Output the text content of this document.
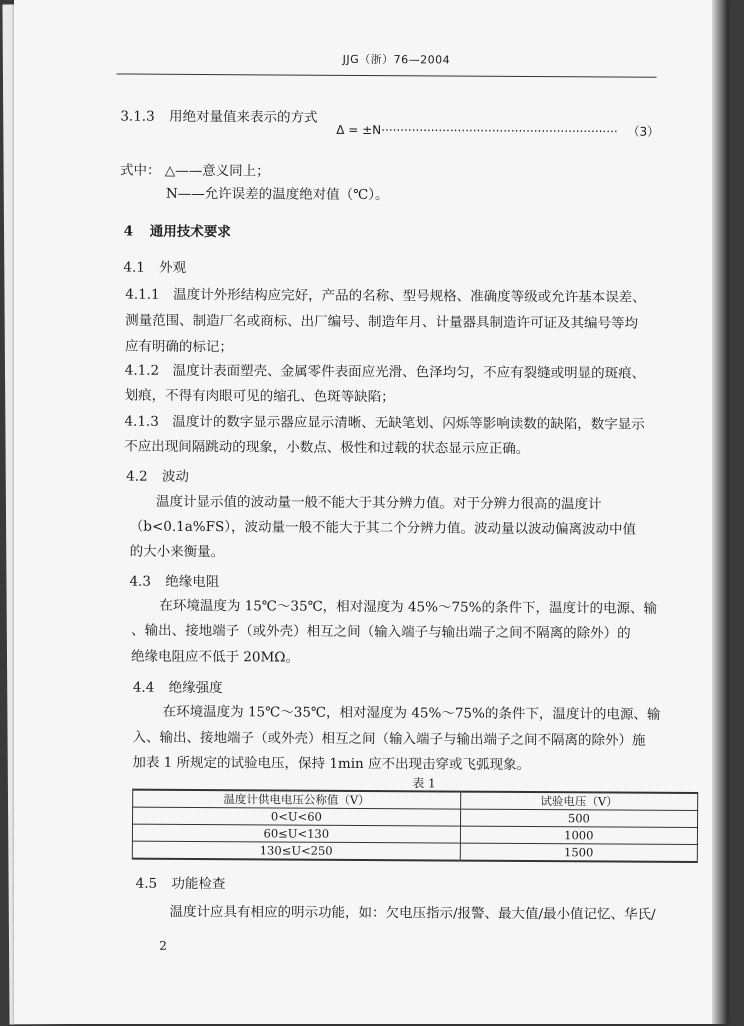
JJG（浙）76—2004
3.1.3 用绝对量值来表示的方式
Δ = ±N······························································ （3）
式中： △——意义同上；
N——允许误差的温度绝对值（℃）。
4 通用技术要求
4.1 外观
4.1.1　温度计外形结构应完好，产品的名称、型号规格、准确度等级或允许基本误差、
测量范围、制造厂名或商标、出厂编号、制造年月、计量器具制造许可证及其编号等均
应有明确的标记；
4.1.2　温度计表面塑壳、金属零件表面应光滑、色泽均匀，不应有裂缝或明显的斑痕、
划痕，不得有肉眼可见的缩孔、色斑等缺陷；
4.1.3　温度计的数字显示器应显示清晰、无缺笔划、闪烁等影响读数的缺陷，数字显示
不应出现间隔跳动的现象，小数点、极性和过载的状态显示应正确。
4.2 波动
温度计显示值的波动量一般不能大于其分辨力值。对于分辨力很高的温度计
（b<0.1a%FS），波动量一般不能大于其二个分辨力值。波动量以波动偏离波动中值
的大小来衡量。
4.3 绝缘电阻
在环境温度为 15℃～35℃，相对湿度为 45%～75%的条件下，温度计的电源、输
、输出、接地端子（或外壳）相互之间（输入端子与输出端子之间不隔离的除外）的
绝缘电阻应不低于 20MΩ。
4.4 绝缘强度
在环境温度为 15℃～35℃，相对湿度为 45%～75%的条件下，温度计的电源、输
入、输出、接地端子（或外壳）相互之间（输入端子与输出端子之间不隔离的除外）施
加表 1 所规定的试验电压，保持 1min 应不出现击穿或飞弧现象。
表 1
温度计供电电压公称值（V）	试验电压（V）
0<U<60	500
60≤U<130	1000
130≤U<250	1500
4.5 功能检查
温度计应具有相应的明示功能，如：欠电压指示/报警、最大值/最小值记忆、华氏/
2
